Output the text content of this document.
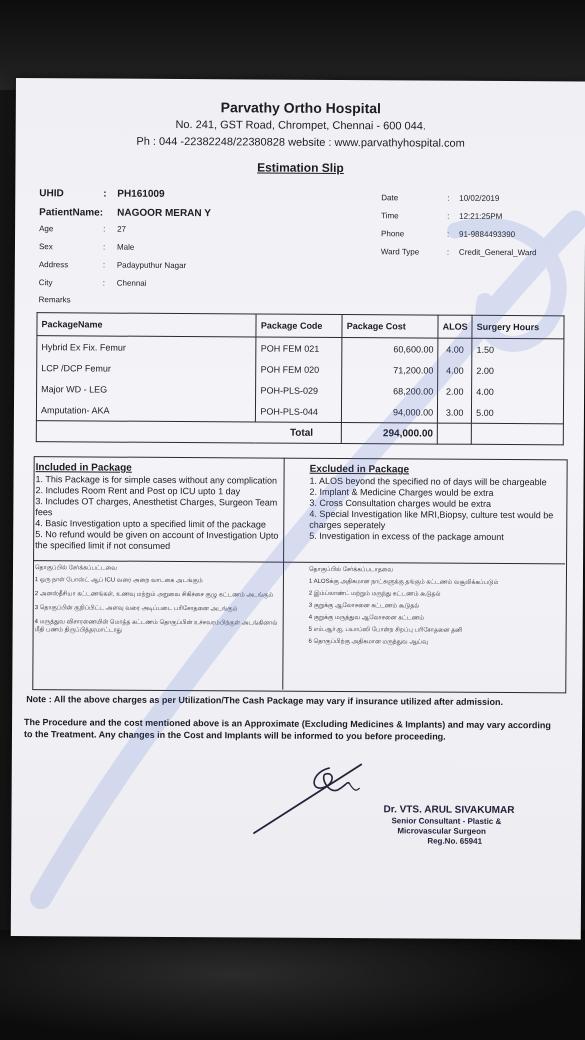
Parvathy Ortho Hospital
No. 241, GST Road, Chrompet, Chennai - 600 044.
Ph : 044 -22382248/22380828 website : www.parvathyhospital.com
Estimation Slip
UHID	: PH161009
PatientName: NAGOOR MERAN Y
Age	: 27
Sex	: Male
Address	: Padayputhur Nagar
City	: Chennai
Remarks
Date	: 10/02/2019
Time	: 12:21:25PM
Phone	: 91-9884493390
Ward Type	: Credit_General_Ward
PackageName	Package Code	Package Cost	ALOS	Surgery Hours
Hybrid Ex Fix. Femur	POH FEM 021	60,600.00	4.00	1.50
LCP /DCP Femur	POH FEM 020	71,200.00	4.00	2.00
Major WD - LEG	POH-PLS-029	68,200.00	2.00	4.00
Amputation- AKA	POH-PLS-044	94,000.00	3.00	5.00
Total		294,000.00		
Included in Package
1. This Package is for simple cases without any complication
2. Includes Room Rent and Post op ICU upto 1 day
3. Includes OT charges, Anesthetist Charges, Surgeon Team fees
4. Basic Investigation upto a specified limit of the package
5. No refund would be given on account of Investigation Upto the specified limit if not consumed
Excluded in Package
1. ALOS beyond the specified no of days will be chargeable
2. Implant & Medicine Charges would be extra
3. Cross Consultation charges would be extra
4. Special Investigation like MRI,Biopsy, culture test would be charges seperately
5. Investigation in excess of the package amount
தொகுப்பில் சேர்க்கப்பட்டவை
1 ஒரு நாள் போஸ்ட் ஆப் ICU வரை அறை வாடகை அடங்கும்
2 அனஸ்தீசியா கட்டணங்கள், உணவு மற்றும் அறுவை சிகிச்சை குழு கட்டணம் அடங்கும்
3 தொகுப்பின் குறிப்பிட்ட அளவு வரை அடிப்படை பரிசோதனை அடங்கும்
4 மருத்துவ விசாரணையின் மொத்த கட்டணம் தொகுப்பின் உச்சவரம்பிற்குள் அடங்கினால் மீதி பணம் திருப்பித்தரமாட்டாது
தொகுப்பில் சேர்க்கப்படாதவை
1 ALOSக்கு அதிகமான நாட்களுக்கு தங்கும் கட்டணம் வசூலிக்கப்படும்
2 இம்ப்லாண்ட் மற்றும் மருந்து கட்டணம் கூடுதல்
3 குறுக்கு ஆலோசனை கட்டணம் கூடுதல்
4 குறுக்கு மருத்துவ ஆலோசனை கட்டணம்
5 எம்.ஆர்.ஐ, பயாப்ஸி போன்ற சிறப்பு பரிசோதனை தனி
6 தொகுப்பிற்கு அதிகமான மருத்துவ ஆய்வு
Note : All the above charges as per Utilization/The Cash Package may vary if insurance utilized after admission.
The Procedure and the cost mentioned above is an Approximate (Excluding Medicines & Implants) and may vary according to the Treatment. Any changes in the Cost and Implants will be informed to you before proceeding.
Dr. VTS. ARUL SIVAKUMAR
Senior Consultant - Plastic &
Microvascular Surgeon
Reg.No. 65941
